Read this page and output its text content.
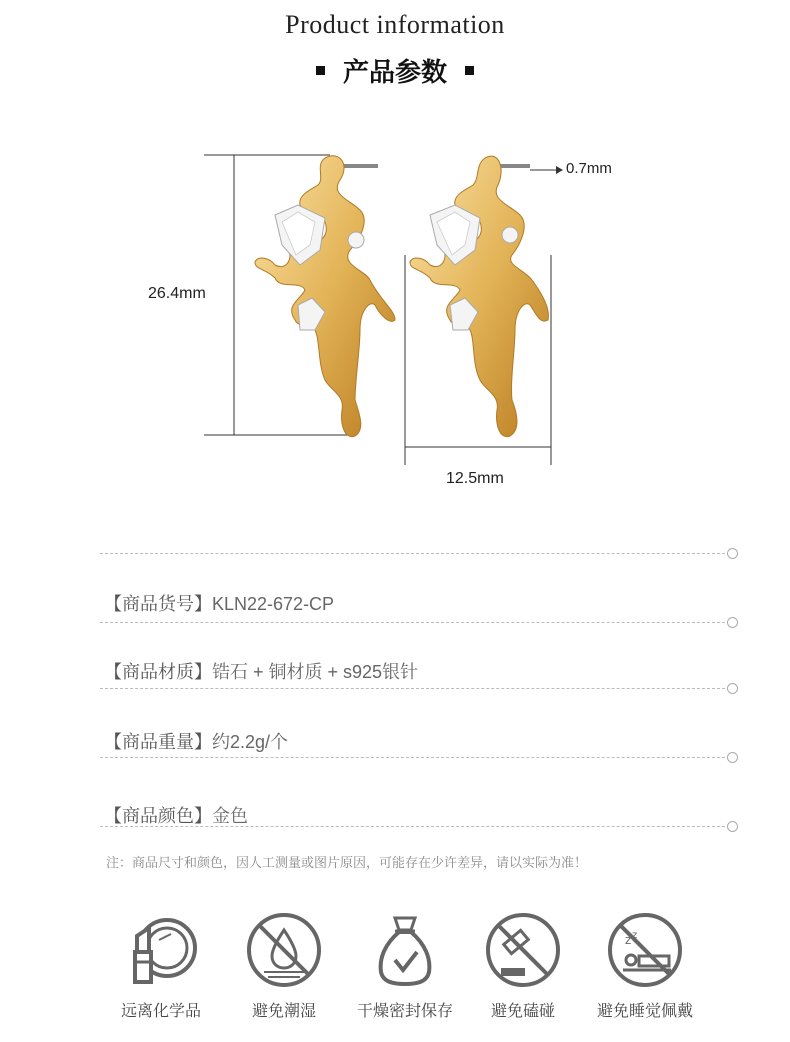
Product information
产品参数
26.4mm
12.5mm
0.7mm
【商品货号】KLN22-672-CP
【商品材质】锆石 + 铜材质 + s925银针
【商品重量】约2.2g/个
【商品颜色】金色
注：商品尺寸和颜色，因人工测量或图片原因，可能存在少许差异，请以实际为准！
远离化学品	避免潮湿	干燥密封保存	避免磕碰
z z
避免睡觉佩戴
